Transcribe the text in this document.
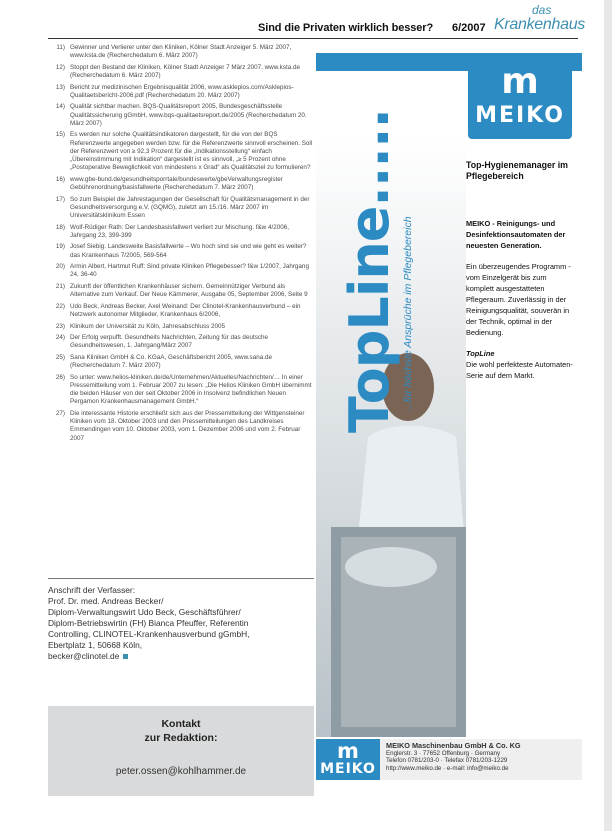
Sind die Privaten wirklich besser? 6/2007
das
Krankenhaus
11) Gewinner und Verlierer unter den Kliniken, Kölner Stadt Anzeiger 5. März 2007, www.ksta.de (Recherchedatum 6. März 2007)
12) Stoppt den Bestand der Kliniken, Kölner Stadt Anzeiger 7 März 2007, www.ksta.de (Recherchedatum 6. März 2007)
13) Bericht zur medizinischen Ergebnisqualität 2006, www.asklepios.com/Asklepios-Qualitaetsbericht-2006.pdf (Recherchedatum 20. März 2007)
14) Qualität sichtbar machen. BQS-Qualitätsreport 2005, Bundesgeschäftsstelle Qualitätssicherung gGmbH, www.bqs-qualitaetsreport.de/2005 (Recherchedatum 20. März 2007)
15) Es werden nur solche Qualitätsindikatoren dargestellt, für die von der BQS Referenzwerte angegeben werden bzw. für die Referenzwerte sinnvoll erscheinen. Soll der Referenzwert von ≥ 92,3 Prozent für die „Indikationsstellung“ einfach „Übereinstimmung mit Indikation“ dargestellt ist es sinnvoll, „≥ 5 Prozent ohne „Postoperative Beweglichkeit von mindestens x Grad“ als Qualitätsziel zu formulieren?
16) www.gbe-bund.de/gesundheitsporrtale/bundeswerte/gbeVerwaltungsregister Gebührenordnung/basisfallwerte (Recherchedatum 7. März 2007)
17) So zum Beispiel die Jahrestagungen der Gesellschaft für Qualitätsmanagement in der Gesundheitsversorgung e.V. (GQMG), zuletzt am 15./16. März 2007 im Universitätsklinikum Essen
18) Wolf-Rüdiger Rath: Der Landesbasisfallwert verliert zur Mischung. f&w 4/2006, Jahrgang 23, 399-399
19) Josef Siebig: Landesweite Basisfallwerte – Wo hoch sind sie und wie geht es weiter? das Krankenhaus 7/2005, 569-564
20) Armin Albert, Hartmut Ruff: Sind private Kliniken Pflegebesser? f&w 1/2007, Jahrgang 24, 36-40
21) Zukunft der öffentlichen Krankenhäuser sichern. Gemeinnütziger Verbund als Alternative zum Verkauf. Der Neue Kämmerer, Ausgabe 05, September 2006, Seite 9
22) Udo Beck, Andreas Becker, Axel Weinand: Der Clinotel-Krankenhausverbund – ein Netzwerk autonomer Mitglieder, Krankenhaus 6/2006,
23) Klinikum der Universität zu Köln, Jahresabschluss 2005
24) Der Erfolg verpufft. Gesundheits Nachrichten, Zeitung für das deutsche Gesundheitswesen, 1. Jahrgang/März 2007
25) Sana Kliniken GmbH & Co. KGaA, Geschäftsbericht 2005, www.sana.de (Recherchedatum 7. März 2007)
26) So unter: www.helios-kliniken.de/de/Unternehmen/Aktuelles/Nachrichten/… In einer Pressemitteilung vom 1. Februar 2007 zu lesen: „Die Helios Kliniken GmbH übernimmt die beiden Häuser von der seit Oktober 2006 in Insolvenz befindlichen Neuen Pergamon Krankenhausmanagement GmbH.“
27) Die interessante Historie erschließt sich aus der Pressemitteilung der Wittgensteiner Kliniken vom 18. Oktober 2003 und den Pressemitteilungen des Landkreises Emmendingen vom 10. Oktober 2003, vom 1. Dezember 2006 und vom 2. Februar 2007
Anschrift der Verfasser:
Prof. Dr. med. Andreas Becker/
Diplom-Verwaltungswirt Udo Beck, Geschäftsführer/
Diplom-Betriebswirtin (FH) Bianca Pfeuffer, Referentin
Controlling, CLINOTEL-Krankenhausverbund gGmbH,
Ebertplatz 1, 50668 Köln,
becker@clinotel.de
Kontakt
zur Redaktion:
peter.ossen@kohlhammer.de
m
MEIKO
TopLine..... ...für höchste Ansprüche im Pflegebereich
Top-Hygienemanager im Pflegebereich
MEIKO - Reinigungs- und Desinfektionsautomaten der neuesten Generation.
Ein überzeugendes Programm - vom Einzelgerät bis zum komplett ausgestatteten Pflegeraum. Zuverlässig in der Reinigungsqualität, souverän in der Technik, optimal in der Bedienung.
TopLine
Die wohl perfekteste Automaten-Serie auf dem Markt.
m
MEIKO
MEIKO Maschinenbau GmbH & Co. KG
Englerstr. 3 · 77652 Offenburg · Germany
Telefon 0781/203-0 · Telefax 0781/203-1229
http://www.meiko.de · e-mail: info@meiko.de
